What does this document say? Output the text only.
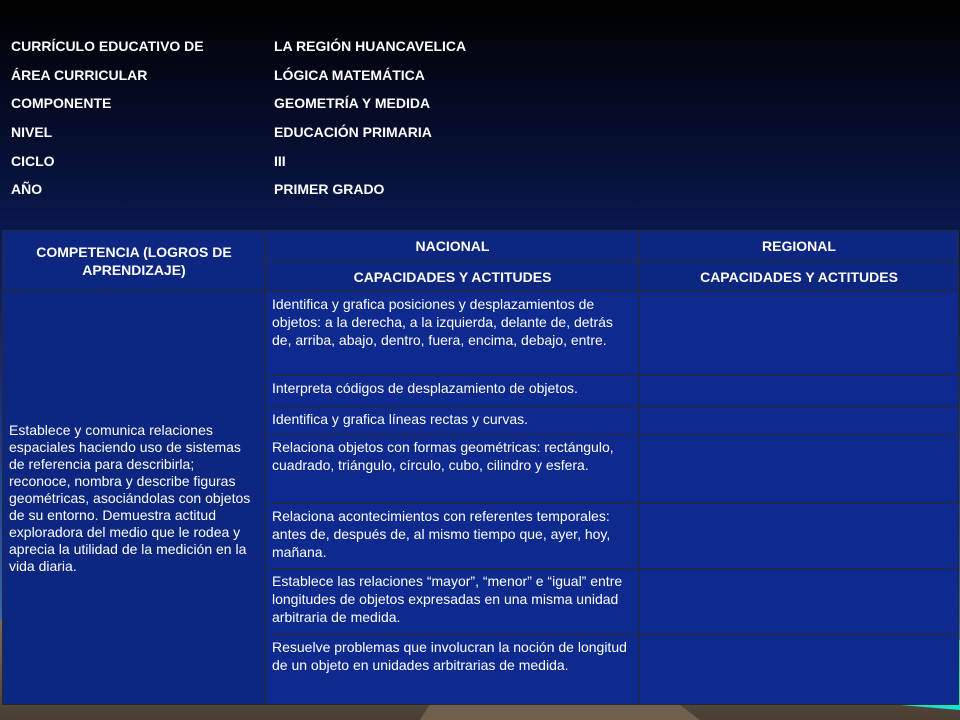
CURRÍCULO EDUCATIVO DE	LA REGIÓN HUANCAVELICA
ÁREA CURRICULAR	LÓGICA MATEMÁTICA
COMPONENTE	GEOMETRÍA Y MEDIDA
NIVEL	EDUCACIÓN PRIMARIA
CICLO	III
AÑO	PRIMER GRADO
COMPETENCIA (LOGROS DE APRENDIZAJE)	NACIONAL	REGIONAL
	CAPACIDADES Y ACTITUDES	CAPACIDADES Y ACTITUDES
Establece y comunica relaciones espaciales haciendo uso de sistemas de referencia para describirla; reconoce, nombra y describe figuras geométricas, asociándolas con objetos de su entorno. Demuestra actitud exploradora del medio que le rodea y aprecia la utilidad de la medición en la vida diaria.	Identifica y grafica posiciones y desplazamientos de objetos: a la derecha, a la izquierda, delante de, detrás de, arriba, abajo, dentro, fuera, encima, debajo, entre.	
	Interpreta códigos de desplazamiento de objetos.	
	Identifica y grafica líneas rectas y curvas.	
	Relaciona objetos con formas geométricas: rectángulo, cuadrado, triángulo, círculo, cubo, cilindro y esfera.	
	Relaciona acontecimientos con referentes temporales: antes de, después de, al mismo tiempo que, ayer, hoy, mañana.	
	Establece las relaciones “mayor”, “menor” e “igual” entre longitudes de objetos expresadas en una misma unidad arbitraria de medida.	
	Resuelve problemas que involucran la noción de longitud de un objeto en unidades arbitrarias de medida.	
